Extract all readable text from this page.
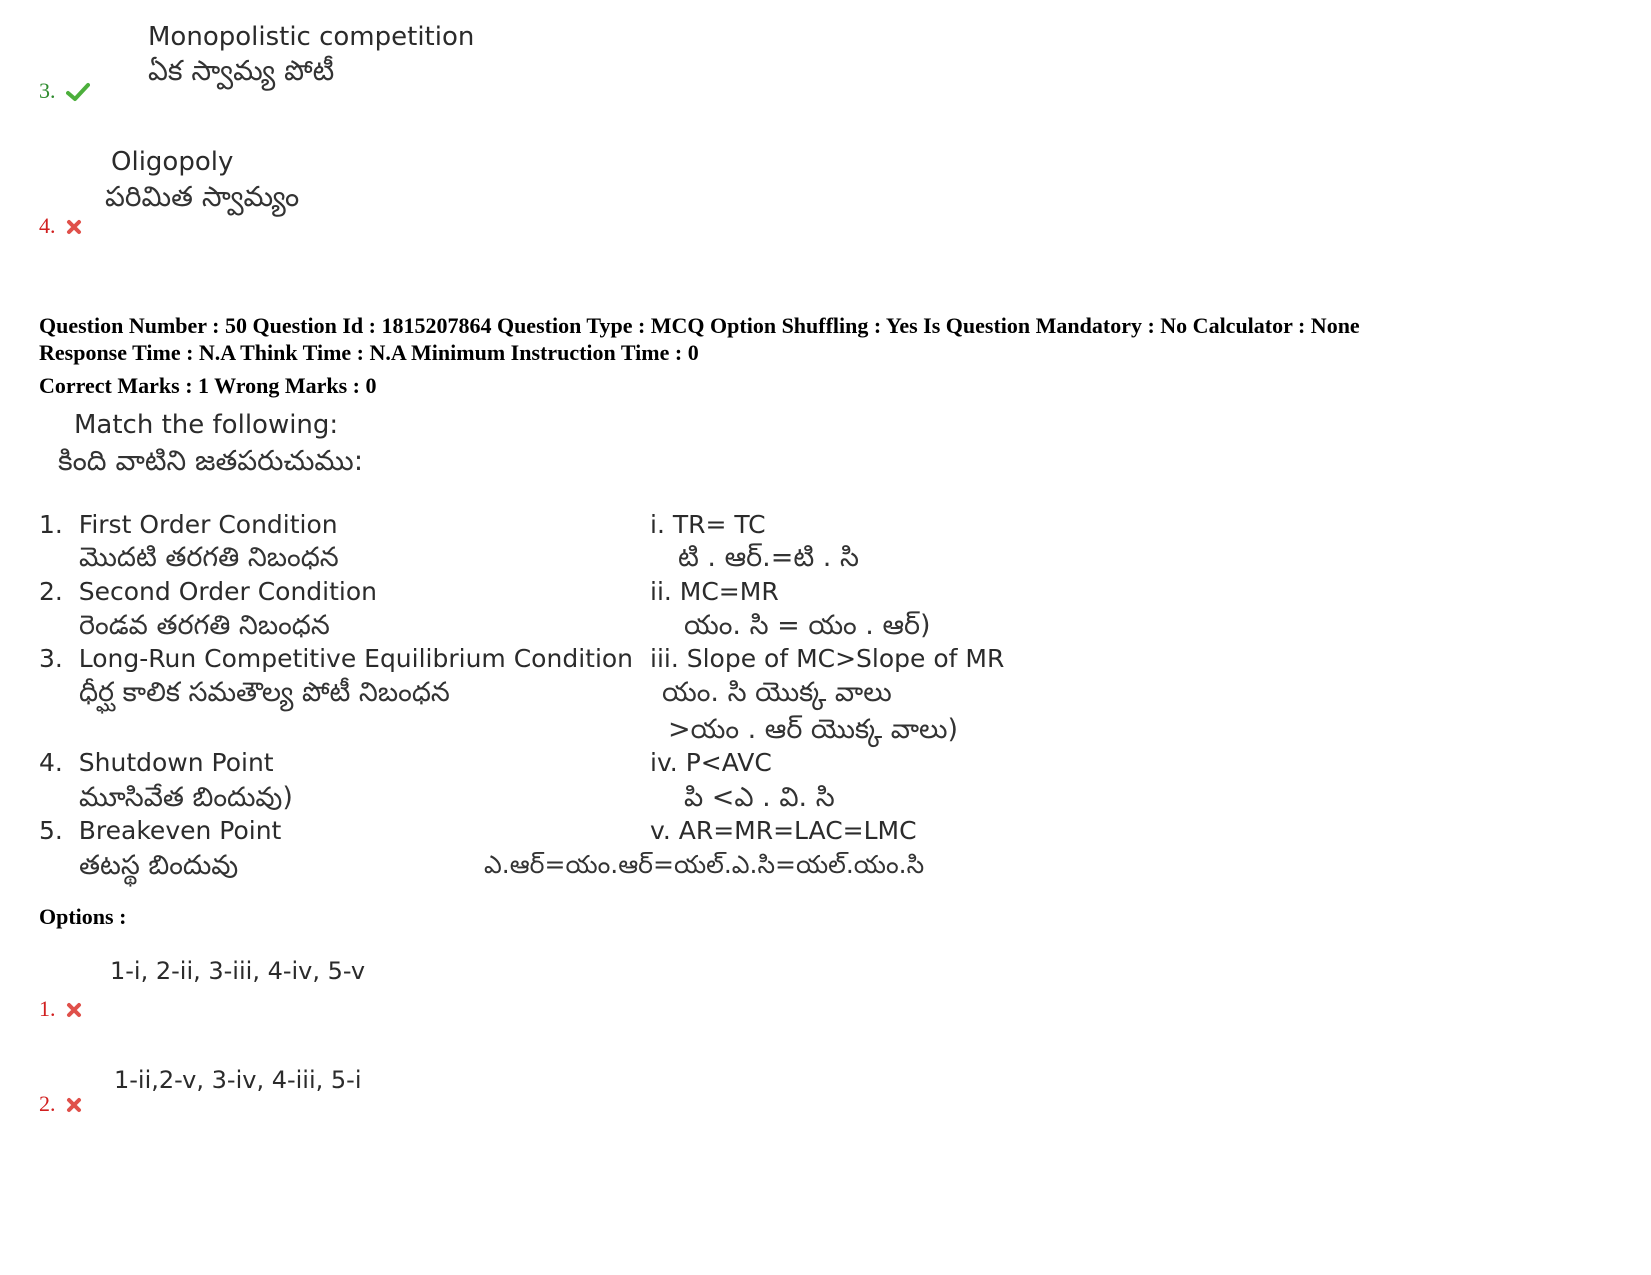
Monopolistic competition
ఏక స్వామ్య పోటీ
3.
Oligopoly
పరిమిత స్వామ్యం
4.
Question Number : 50 Question Id : 1815207864 Question Type : MCQ Option Shuffling : Yes Is Question Mandatory : No Calculator : None
Response Time : N.A Think Time : N.A Minimum Instruction Time : 0
Correct Marks : 1 Wrong Marks : 0
Match the following:
కింది వాటిని జతపరుచుము:
1. First Order Condition
మొదటి తరగతి నిబంధన
2. Second Order Condition
రెండవ తరగతి నిబంధన
3. Long-Run Competitive Equilibrium Condition
ధీర్ఘ కాలిక సమతౌల్య పోటీ నిబంధన
4. Shutdown Point
మూసివేత బిందువు)
5. Breakeven Point
తటస్థ బిందువు
i. TR= TC
టి . ఆర్.=టి . సి
ii. MC=MR
యం. సి = యం . ఆర్)
iii. Slope of MC>Slope of MR
యం. సి యొక్క వాలు
>యం . ఆర్ యొక్క వాలు)
iv. P<AVC
పి <ఎ . వి. సి
v. AR=MR=LAC=LMC
ఎ.ఆర్=యం.ఆర్=యల్.ఎ.సి=యల్.యం.సి
Options :
1-i, 2-ii, 3-iii, 4-iv, 5-v
1.
1-ii,2-v, 3-iv, 4-iii, 5-i
2.
